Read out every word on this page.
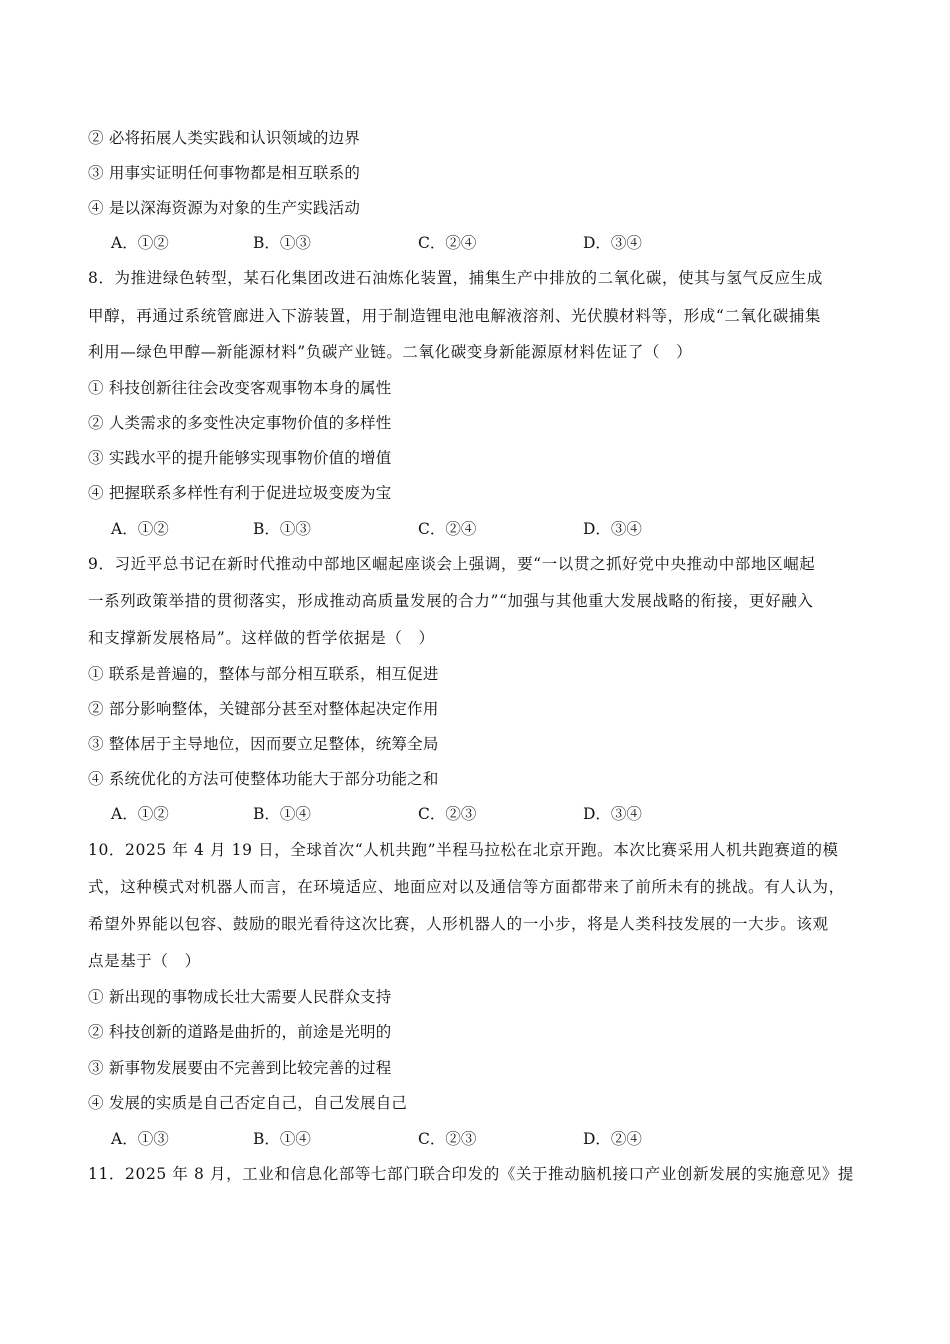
② 必将拓展人类实践和认识领域的边界
③ 用事实证明任何事物都是相互联系的
④ 是以深海资源为对象的生产实践活动
A．①②	B．①③	C．②④	D．③④
8．为推进绿色转型，某石化集团改进石油炼化装置，捕集生产中排放的二氧化碳，使其与氢气反应生成
甲醇，再通过系统管廊进入下游装置，用于制造锂电池电解液溶剂、光伏膜材料等，形成“二氧化碳捕集
利用—绿色甲醇—新能源材料”负碳产业链。二氧化碳变身新能源原材料佐证了（　）
① 科技创新往往会改变客观事物本身的属性
② 人类需求的多变性决定事物价值的多样性
③ 实践水平的提升能够实现事物价值的增值
④ 把握联系多样性有利于促进垃圾变废为宝
A．①②	B．①③	C．②④	D．③④
9．习近平总书记在新时代推动中部地区崛起座谈会上强调，要“一以贯之抓好党中央推动中部地区崛起
一系列政策举措的贯彻落实，形成推动高质量发展的合力”“加强与其他重大发展战略的衔接，更好融入
和支撑新发展格局”。这样做的哲学依据是（　）
① 联系是普遍的，整体与部分相互联系，相互促进
② 部分影响整体，关键部分甚至对整体起决定作用
③ 整体居于主导地位，因而要立足整体，统筹全局
④ 系统优化的方法可使整体功能大于部分功能之和
A．①②	B．①④	C．②③	D．③④
10．2025 年 4 月 19 日，全球首次“人机共跑”半程马拉松在北京开跑。本次比赛采用人机共跑赛道的模
式，这种模式对机器人而言，在环境适应、地面应对以及通信等方面都带来了前所未有的挑战。有人认为，
希望外界能以包容、鼓励的眼光看待这次比赛，人形机器人的一小步，将是人类科技发展的一大步。该观
点是基于（　）
① 新出现的事物成长壮大需要人民群众支持
② 科技创新的道路是曲折的，前途是光明的
③ 新事物发展要由不完善到比较完善的过程
④ 发展的实质是自己否定自己，自己发展自己
A．①③	B．①④	C．②③	D．②④
11．2025 年 8 月，工业和信息化部等七部门联合印发的《关于推动脑机接口产业创新发展的实施意见》提
